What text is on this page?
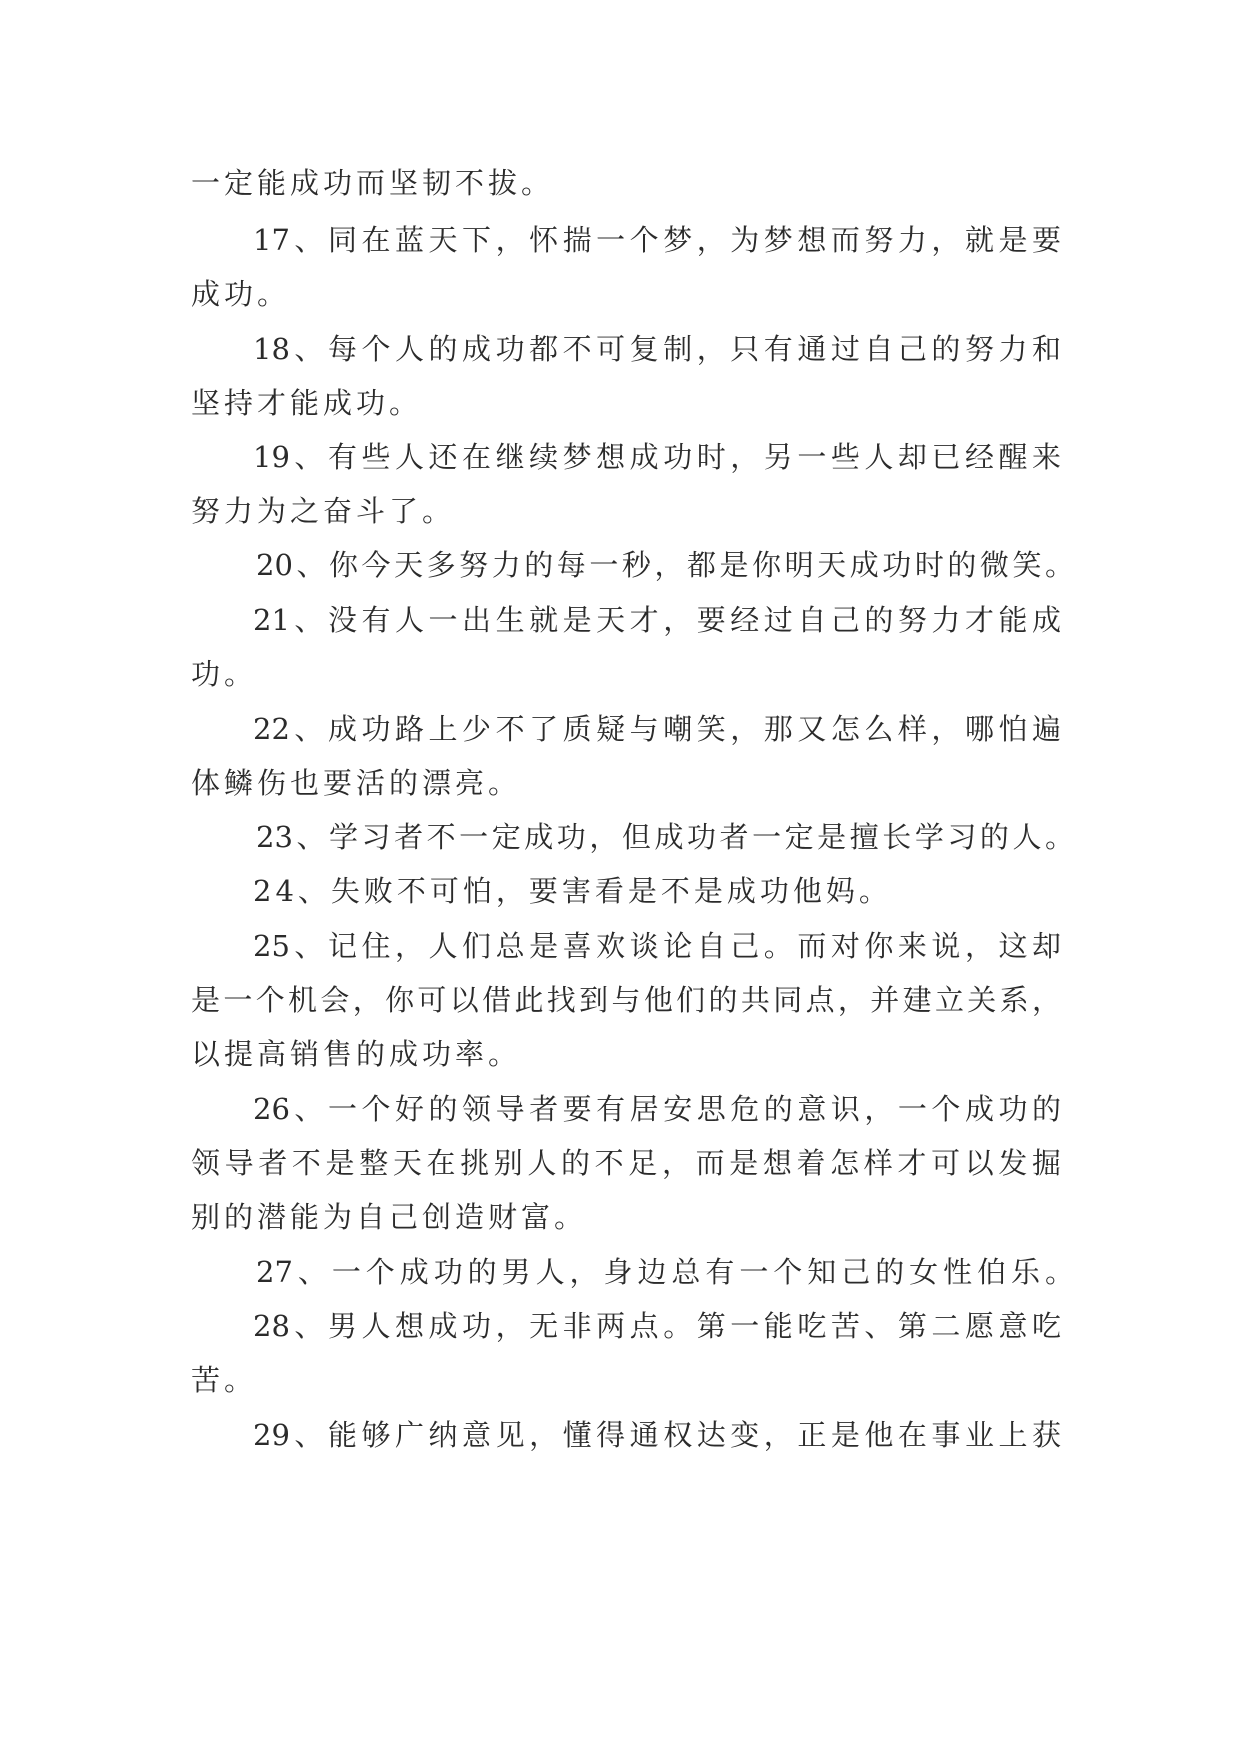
一定能成功而坚韧不拔。
17、同在蓝天下，怀揣一个梦，为梦想而努力，就是要
成功。
18、每个人的成功都不可复制，只有通过自己的努力和
坚持才能成功。
19、有些人还在继续梦想成功时，另一些人却已经醒来
努力为之奋斗了。
20、你今天多努力的每一秒，都是你明天成功时的微笑。
21、没有人一出生就是天才，要经过自己的努力才能成
功。
22、成功路上少不了质疑与嘲笑，那又怎么样，哪怕遍
体鳞伤也要活的漂亮。
23、学习者不一定成功，但成功者一定是擅长学习的人。
24、失败不可怕，要害看是不是成功他妈。
25、记住，人们总是喜欢谈论自己。而对你来说，这却
是一个机会，你可以借此找到与他们的共同点，并建立关系，
以提高销售的成功率。
26、一个好的领导者要有居安思危的意识，一个成功的
领导者不是整天在挑别人的不足，而是想着怎样才可以发掘
别的潜能为自己创造财富。
27、一个成功的男人，身边总有一个知己的女性伯乐。
28、男人想成功，无非两点。第一能吃苦、第二愿意吃
苦。
29、能够广纳意见，懂得通权达变，正是他在事业上获
